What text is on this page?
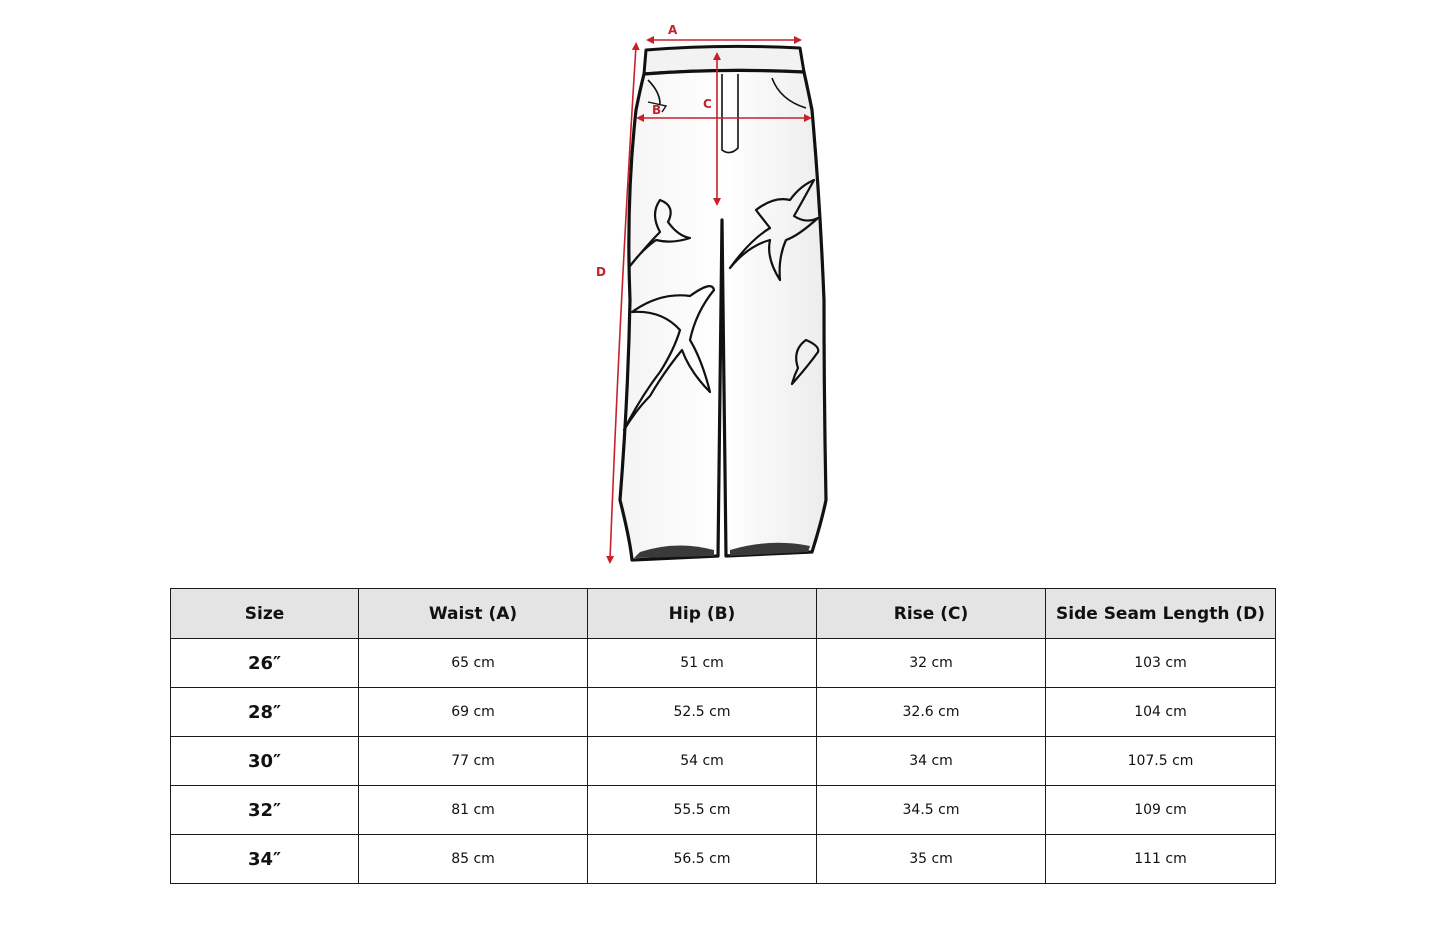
A
B	C
D
Size	Waist (A)	Hip (B)	Rise (C)	Side Seam Length (D)
26″	65 cm	51 cm	32 cm	103 cm
28″	69 cm	52.5 cm	32.6 cm	104 cm
30″	77 cm	54 cm	34 cm	107.5 cm
32″	81 cm	55.5 cm	34.5 cm	109 cm
34″	85 cm	56.5 cm	35 cm	111 cm
